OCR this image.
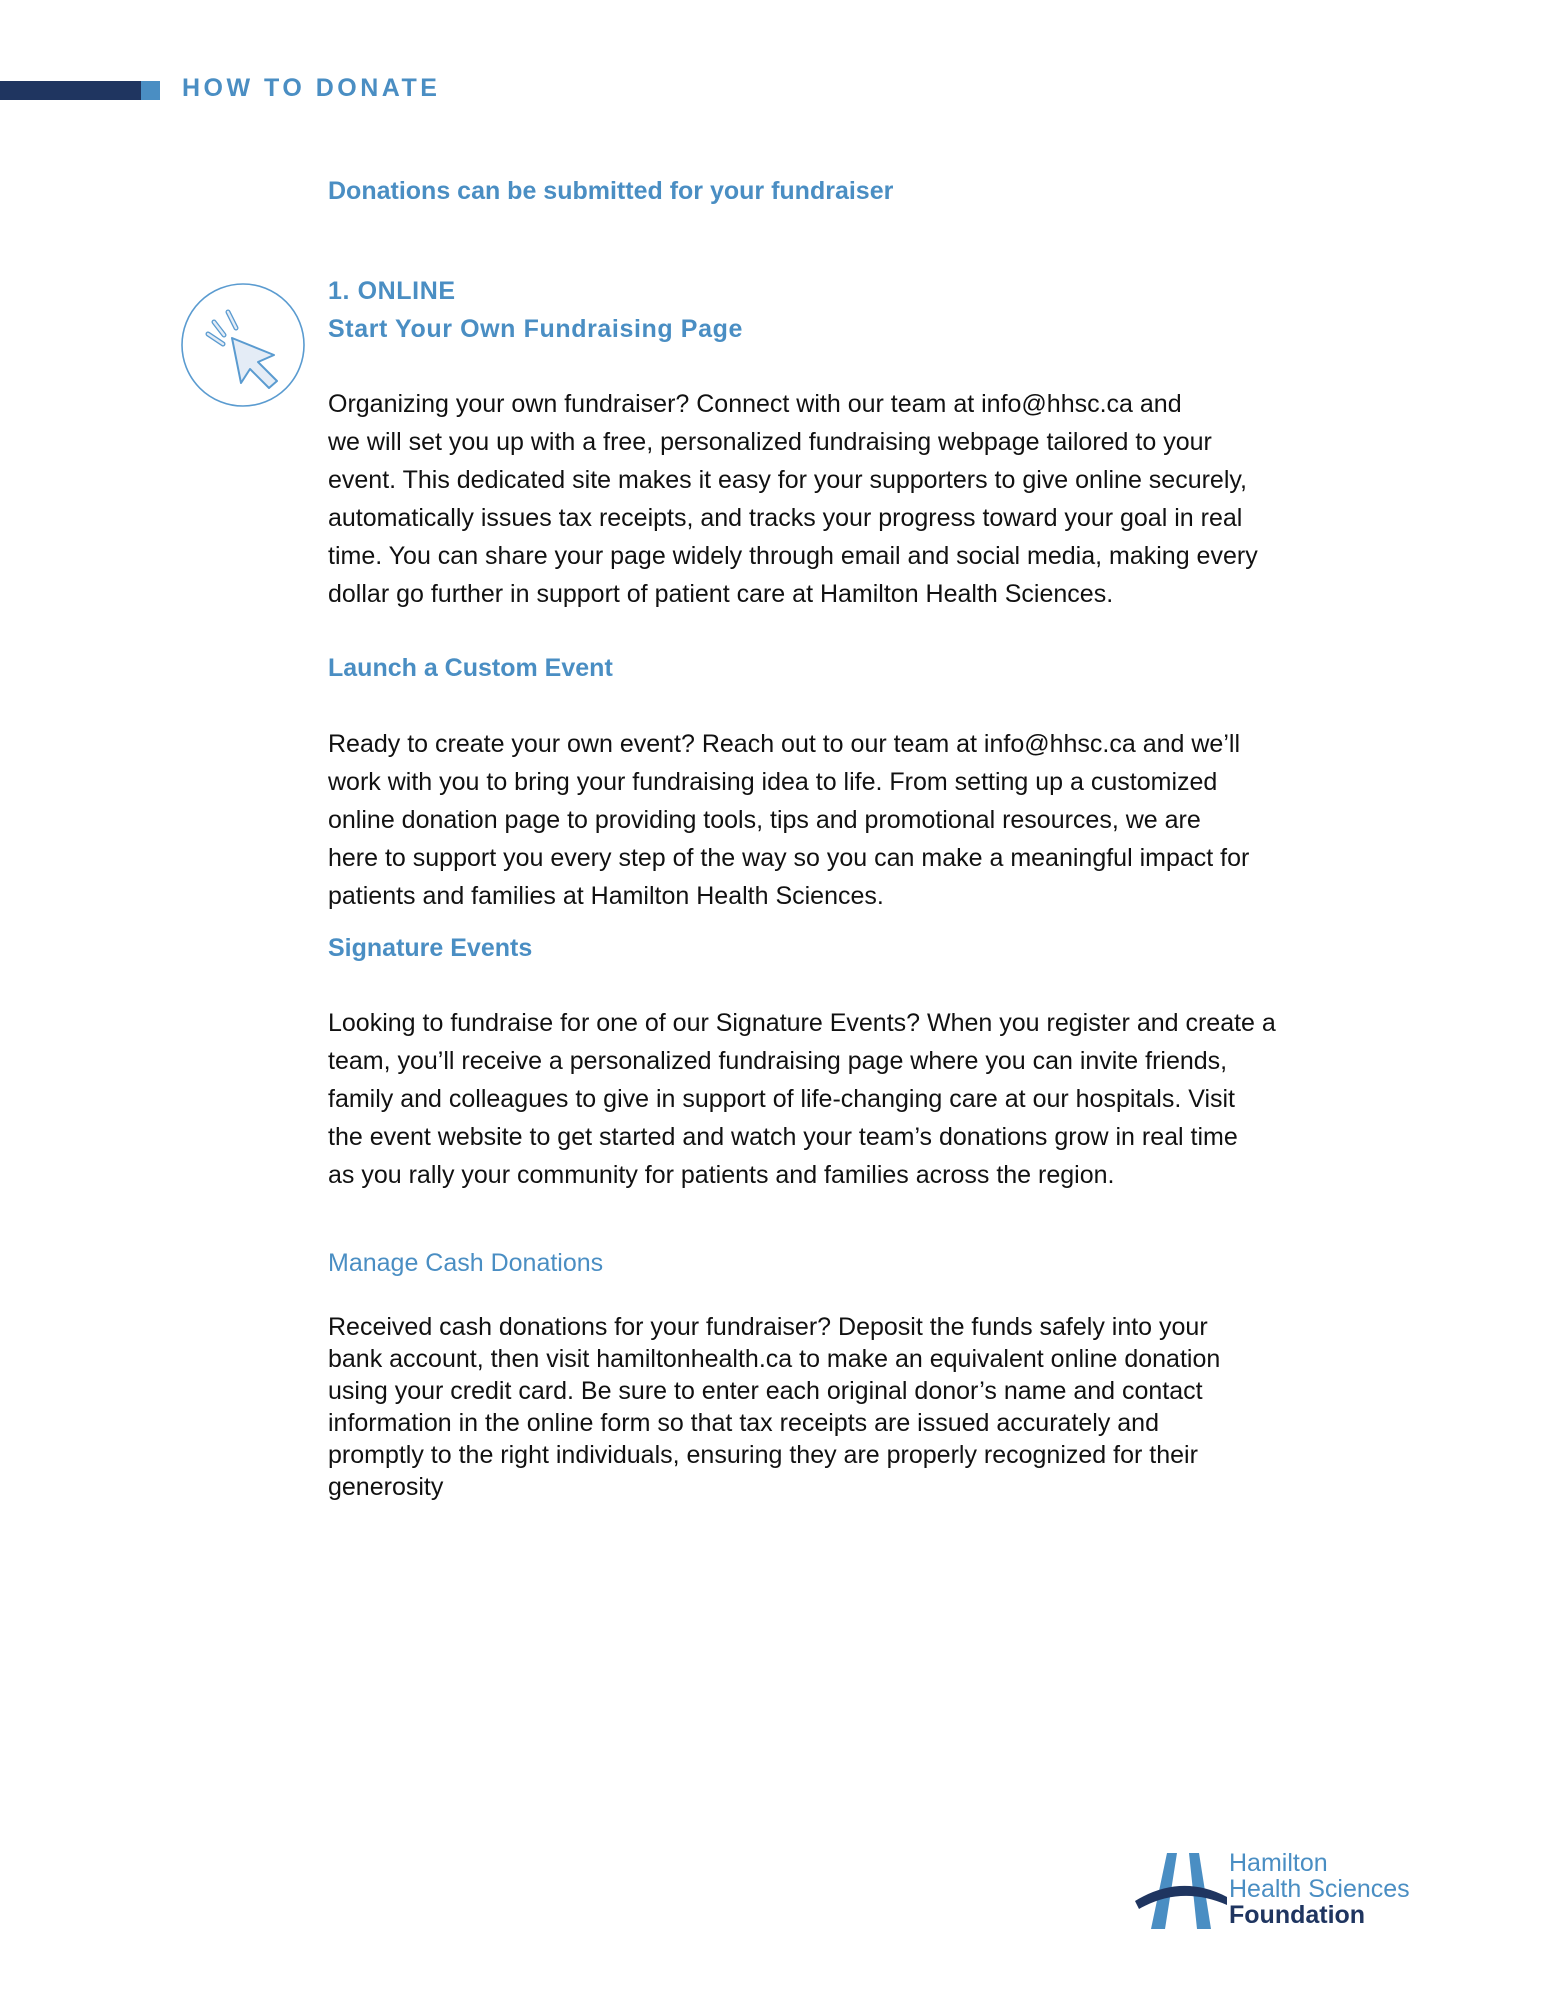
HOW TO DONATE
Donations can be submitted for your fundraiser
1. ONLINE
Start Your Own Fundraising Page

Organizing your own fundraiser? Connect with our team at info@hhsc.ca and
we will set you up with a free, personalized fundraising webpage tailored to your
event. This dedicated site makes it easy for your supporters to give online securely,
automatically issues tax receipts, and tracks your progress toward your goal in real
time. You can share your page widely through email and social media, making every
dollar go further in support of patient care at Hamilton Health Sciences.

Launch a Custom Event

Ready to create your own event? Reach out to our team at info@hhsc.ca and we’ll
work with you to bring your fundraising idea to life. From setting up a customized
online donation page to providing tools, tips and promotional resources, we are
here to support you every step of the way so you can make a meaningful impact for
patients and families at Hamilton Health Sciences.

Signature Events

Looking to fundraise for one of our Signature Events? When you register and create a
team, you’ll receive a personalized fundraising page where you can invite friends,
family and colleagues to give in support of life-changing care at our hospitals. Visit
the event website to get started and watch your team’s donations grow in real time
as you rally your community for patients and families across the region.

Manage Cash Donations

Received cash donations for your fundraiser? Deposit the funds safely into your
bank account, then visit hamiltonhealth.ca to make an equivalent online donation
using your credit card. Be sure to enter each original donor’s name and contact
information in the online form so that tax receipts are issued accurately and
promptly to the right individuals, ensuring they are properly recognized for their
generosity

Hamilton
Health Sciences
Foundation
